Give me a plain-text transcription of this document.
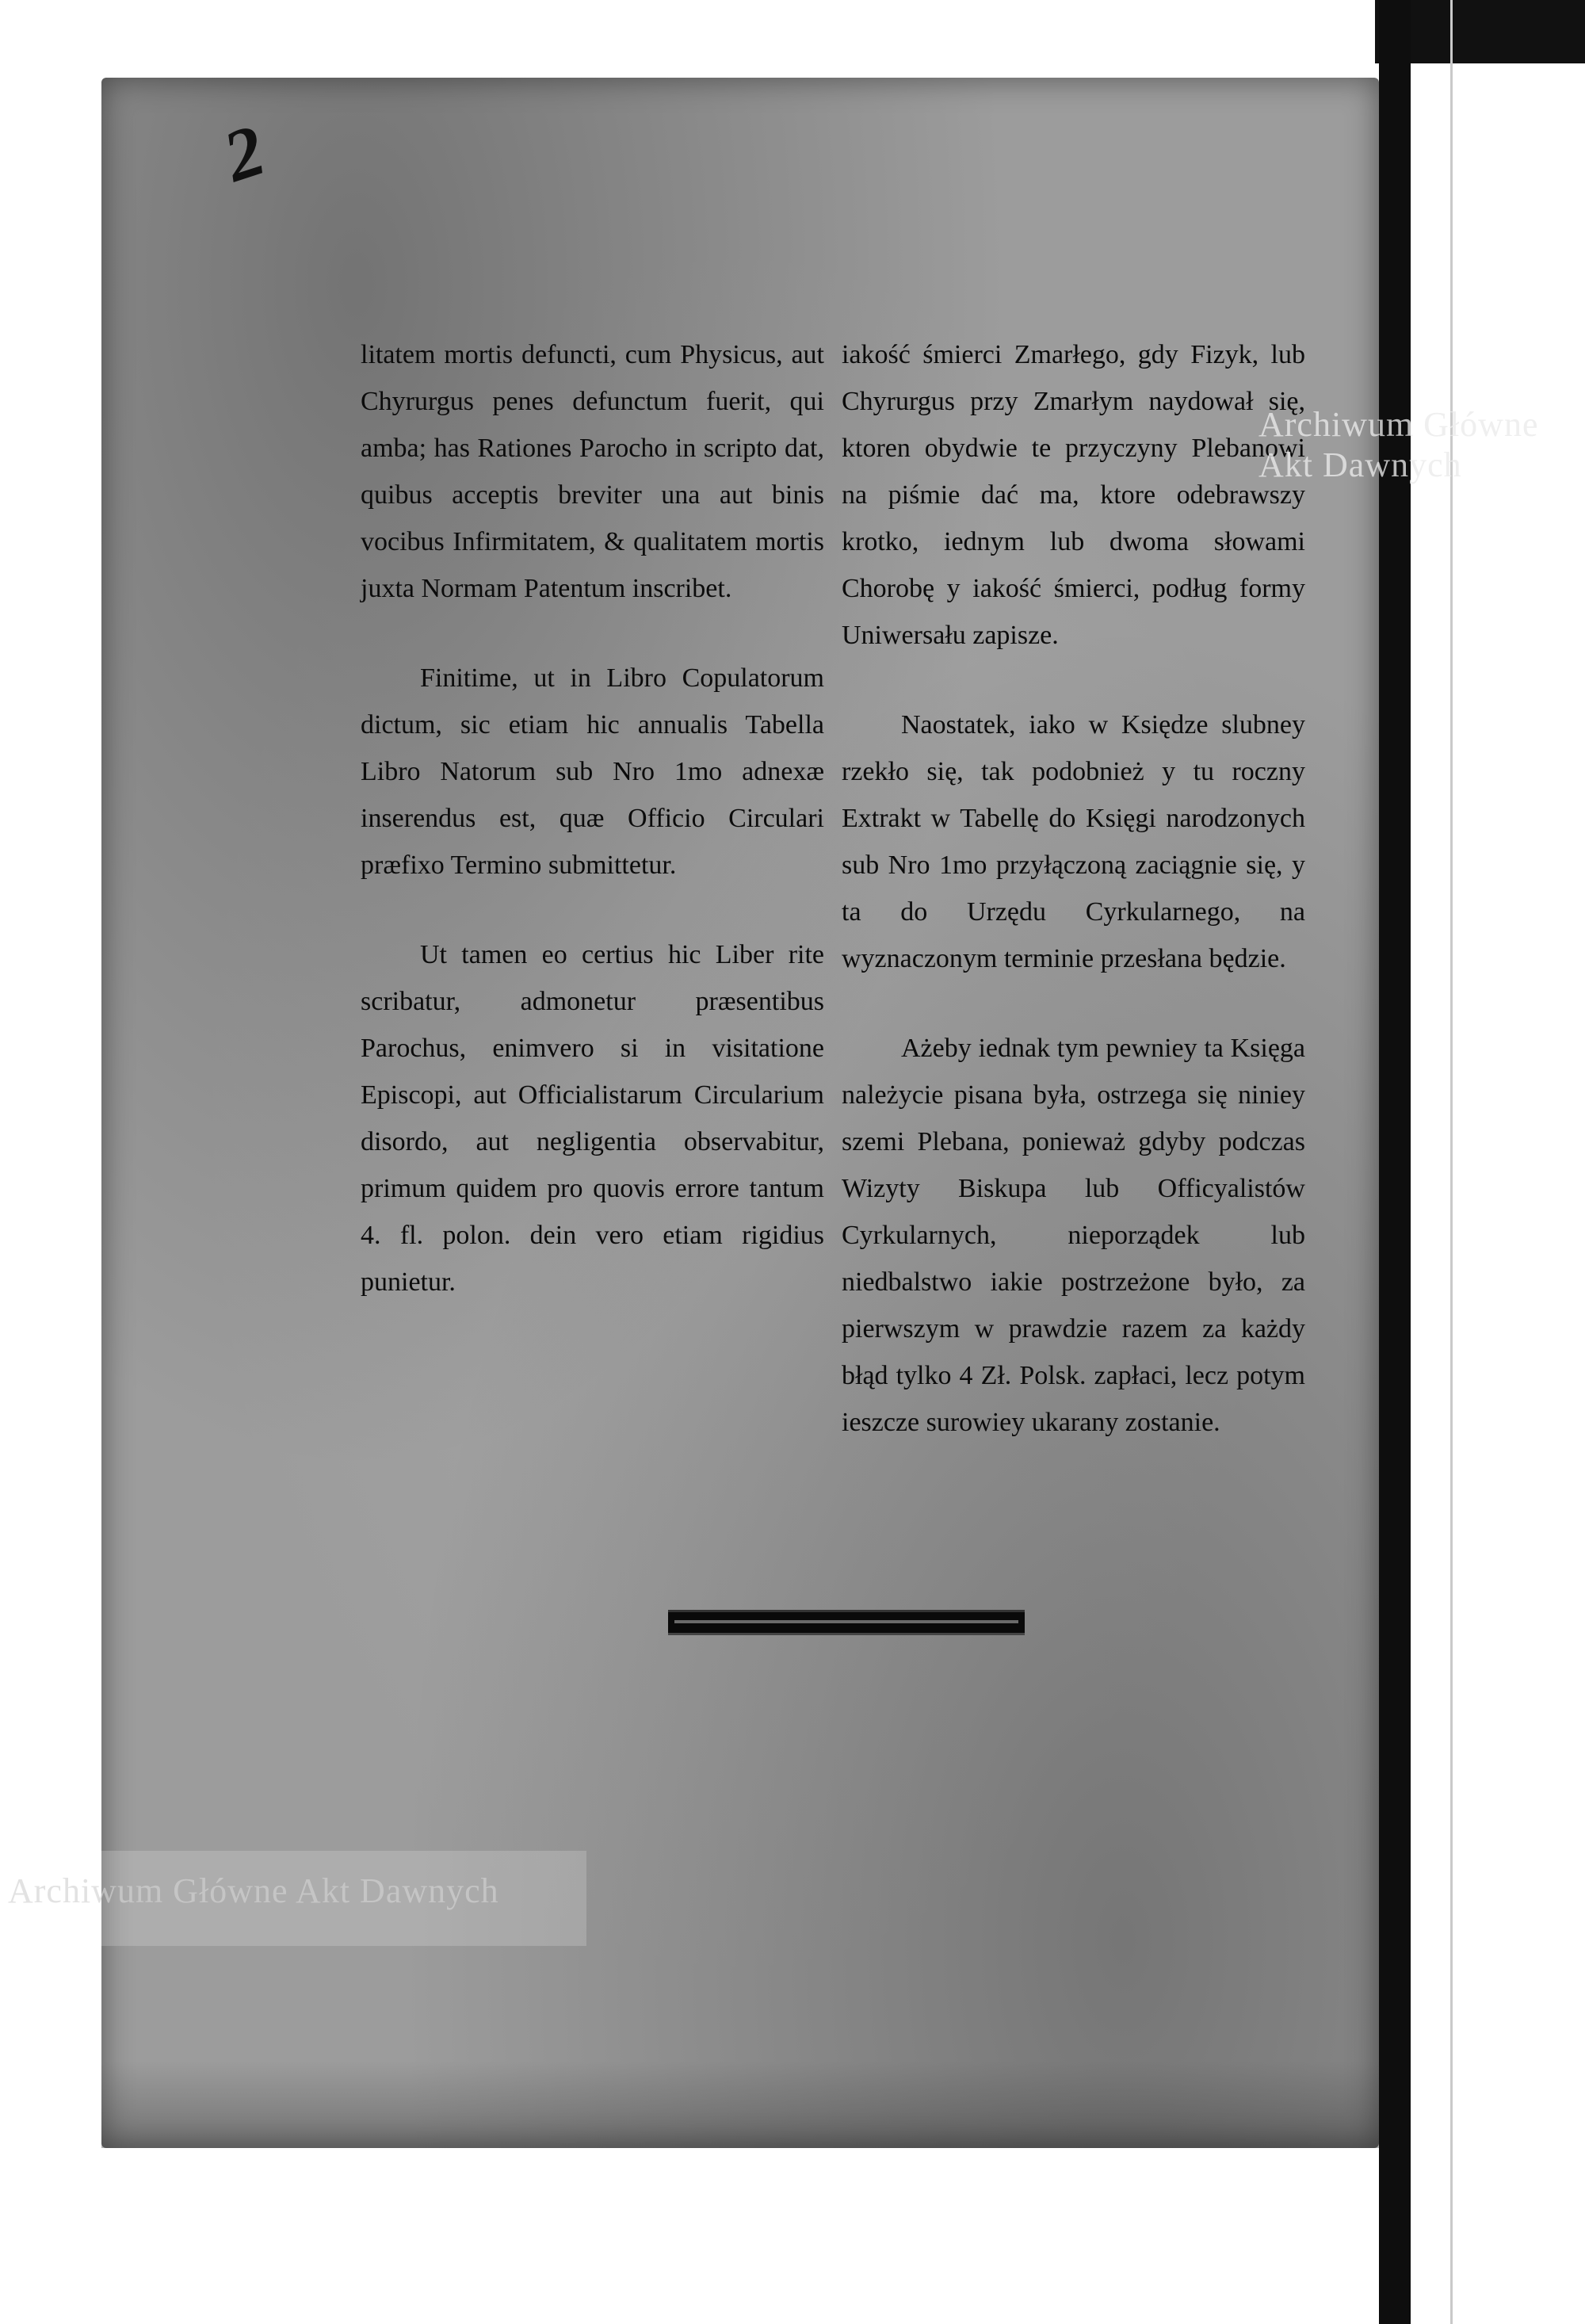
2

litatem mortis defuncti, cum Physicus, aut Chyrurgus penes defunctum fuerit, qui amba; has Rationes Parocho in scripto dat, quibus acceptis breviter una aut binis vocibus Infirmitatem, & qualitatem mortis juxta Normam Patentum inscribet.

Finitime, ut in Libro Copulatorum dictum, sic etiam hic annualis Tabella Libro Natorum sub Nro 1mo adnexæ inserendus est, quæ Officio Circulari præfixo Termino submittetur.

Ut tamen eo certius hic Liber rite scribatur, admonetur præsentibus Parochus, enimvero si in visitatione Episcopi, aut Officialistarum Circularium disordo, aut negligentia observabitur, primum quidem pro quovis errore tantum 4. fl. polon. dein vero etiam rigidius punietur.

iakość śmierci Zmarłego, gdy Fizyk, lub Chyrurgus przy Zmarłym naydował się, ktoren obydwie te przyczyny Plebanowi na piśmie dać ma, ktore odebrawszy krotko, iednym lub dwoma słowami Chorobę y iakość śmierci, podług formy Uniwersału zapisze.

Naostatek, iako w Księdze slubney rzekło się, tak podobnież y tu roczny Extrakt w Tabellę do Księgi narodzonych sub Nro 1mo przyłączoną zaciągnie się, y ta do Urzędu Cyrkularnego, na wyznaczonym terminie przesłana będzie.

Ażeby iednak tym pewniey ta Księga należycie pisana była, ostrzega się niniey szemi Plebana, ponieważ gdyby podczas Wizyty Biskupa lub Officyalistów Cyrkularnych, nieporządek lub niedbalstwo iakie postrzeżone było, za pierwszym w prawdzie razem za każdy błąd tylko 4 Zł. Polsk. zapłaci, lecz potym ieszcze surowiey ukarany zostanie.

Archiwum Główne Akt Dawnych
Archiwum Główne Akt Dawnych
